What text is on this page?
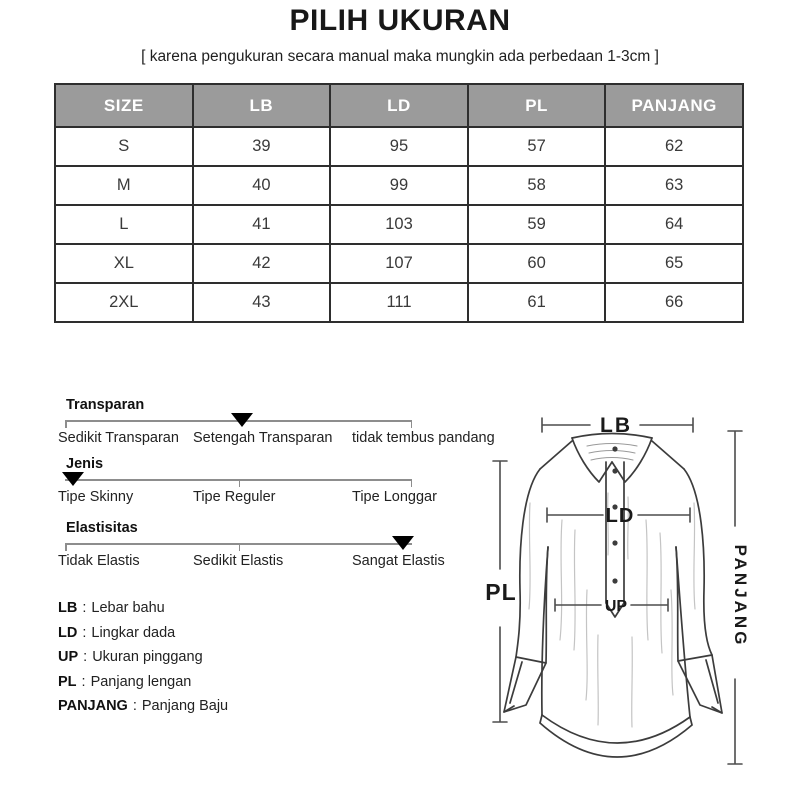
PILIH UKURAN
[ karena pengukuran secara manual maka mungkin ada perbedaan 1-3cm ]
SIZE	LB	LD	PL	PANJANG
S	39	95	57	62
M	40	99	58	63
L	41	103	59	64
XL	42	107	60	65
2XL	43	111	61	66
Transparan
Sedikit Transparan Setengah Transparan tidak tembus pandang
Jenis
Tipe Skinny	Tipe Reguler	Tipe Longgar
Elastisitas
Tidak Elastis	Sedikit Elastis	Sangat Elastis
LB : Lebar bahu
LD : Lingkar dada
UP : Ukuran pinggang
PL : Panjang lengan
PANJANG : Panjang Baju
LB
LD
UP
PL	PANJANG
